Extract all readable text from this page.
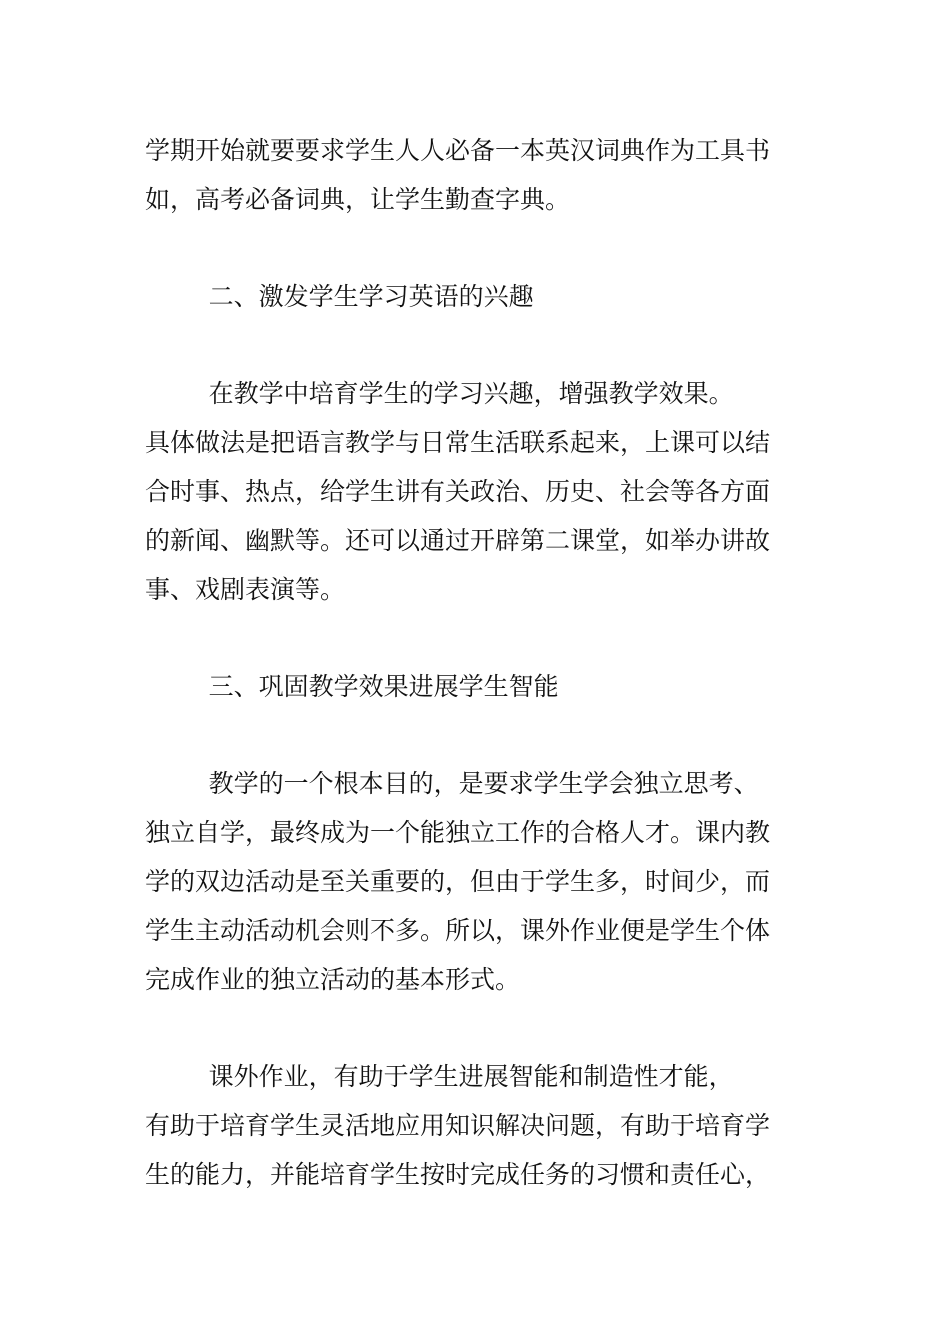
学期开始就要要求学生人人必备一本英汉词典作为工具书
如，高考必备词典，让学生勤查字典。
二、激发学生学习英语的兴趣
在教学中培育学生的学习兴趣，增强教学效果。
具体做法是把语言教学与日常生活联系起来，上课可以结
合时事、热点，给学生讲有关政治、历史、社会等各方面
的新闻、幽默等。还可以通过开辟第二课堂，如举办讲故
事、戏剧表演等。
三、巩固教学效果进展学生智能
教学的一个根本目的，是要求学生学会独立思考、
独立自学，最终成为一个能独立工作的合格人才。课内教
学的双边活动是至关重要的，但由于学生多，时间少，而
学生主动活动机会则不多。所以，课外作业便是学生个体
完成作业的独立活动的基本形式。
课外作业，有助于学生进展智能和制造性才能，
有助于培育学生灵活地应用知识解决问题，有助于培育学
生的能力，并能培育学生按时完成任务的习惯和责任心，
